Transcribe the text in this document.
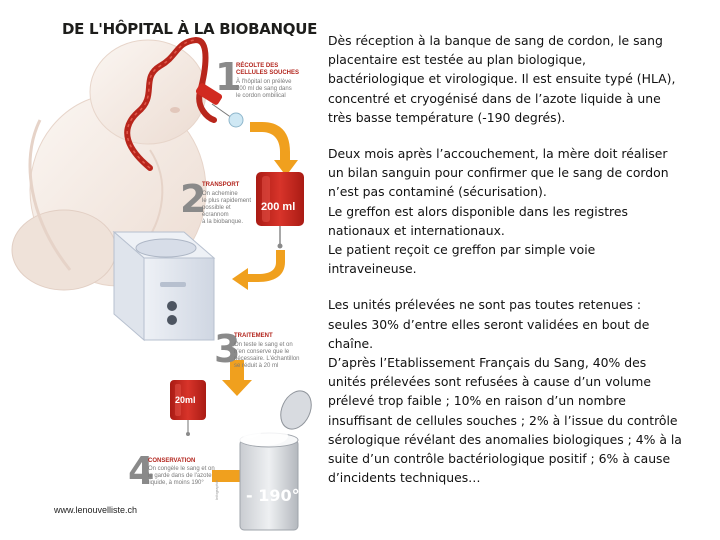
DE L'HÔPITAL À LA BIOBANQUE
1
RÉCOLTE DES
CELLULES SOUCHES
À l'hôpital on prélève
200 ml de sang dans
le cordon ombilical
2
TRANSPORT
On achemine
le plus rapidement
possible et
écrannom
à la biobanque.
3
TRAITEMENT
On teste le sang et on
n'en conserve que le
nécessaire. L'échantillon
se réduit à 20 ml
4
CONSERVATION
On congèle le sang et on
le garde dans de l'azote
liquide, à moins 190°
200 ml
20ml
- 190°
Infographie
www.lenouvelliste.ch

Dès réception à la banque de sang de cordon, le sang
placentaire est testée au plan biologique,
bactériologique et virologique. Il est ensuite typé (HLA),
concentré et cryogénisé dans de l’azote liquide à une
très basse température (-190 degrés).

Deux mois après l’accouchement, la mère doit réaliser
un bilan sanguin pour confirmer que le sang de cordon
n’est pas contaminé (sécurisation).
Le greffon est alors disponible dans les registres
nationaux et internationaux.
Le patient reçoit ce greffon par simple voie
intraveineuse.

Les unités prélevées ne sont pas toutes retenues :
seules 30% d’entre elles seront validées en bout de
chaîne.
D’après l’Etablissement Français du Sang, 40% des
unités prélevées sont refusées à cause d’un volume
prélevé trop faible ; 10% en raison d’un nombre
insuffisant de cellules souches ; 2% à l’issue du contrôle
sérologique révélant des anomalies biologiques ; 4% à la
suite d’un contrôle bactériologique positif ; 6% à cause
d’incidents techniques…
